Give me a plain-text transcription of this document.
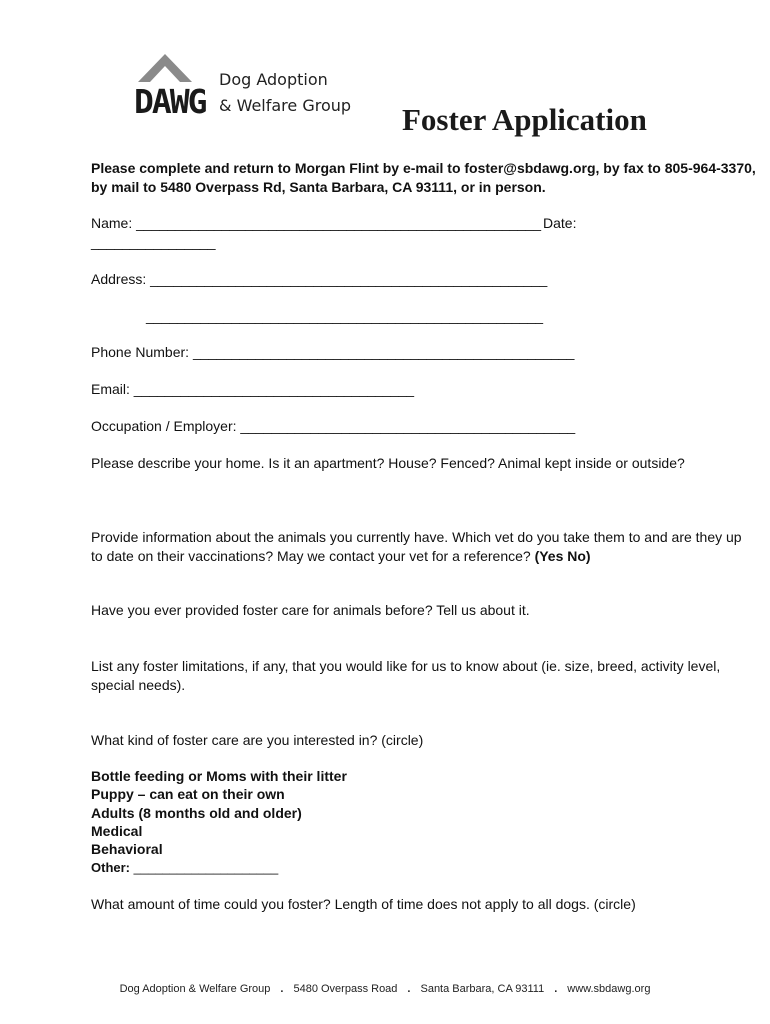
DAWG
Dog Adoption
& Welfare Group Foster Application
Please complete and return to Morgan Flint by e-mail to foster@sbdawg.org, by fax to 805-964-3370,
by mail to 5480 Overpass Rd, Santa Barbara, CA 93111, or in person.
Name: ____________________________________________________ Date:
________________
Address: ___________________________________________________
___________________________________________________
Phone Number: _________________________________________________
Email: ____________________________________
Occupation / Employer: ___________________________________________
Please describe your home. Is it an apartment? House? Fenced? Animal kept inside or outside?
Provide information about the animals you currently have. Which vet do you take them to and are they up
to date on their vaccinations? May we contact your vet for a reference? (Yes No)
Have you ever provided foster care for animals before? Tell us about it.
List any foster limitations, if any, that you would like for us to know about (ie. size, breed, activity level,
special needs).
What kind of foster care are you interested in? (circle)
Bottle feeding or Moms with their litter
Puppy – can eat on their own
Adults (8 months old and older)
Medical
Behavioral
Other: ____________________
What amount of time could you foster? Length of time does not apply to all dogs. (circle)
Dog Adoption & Welfare Group . 5480 Overpass Road . Santa Barbara, CA 93111 . www.sbdawg.org
